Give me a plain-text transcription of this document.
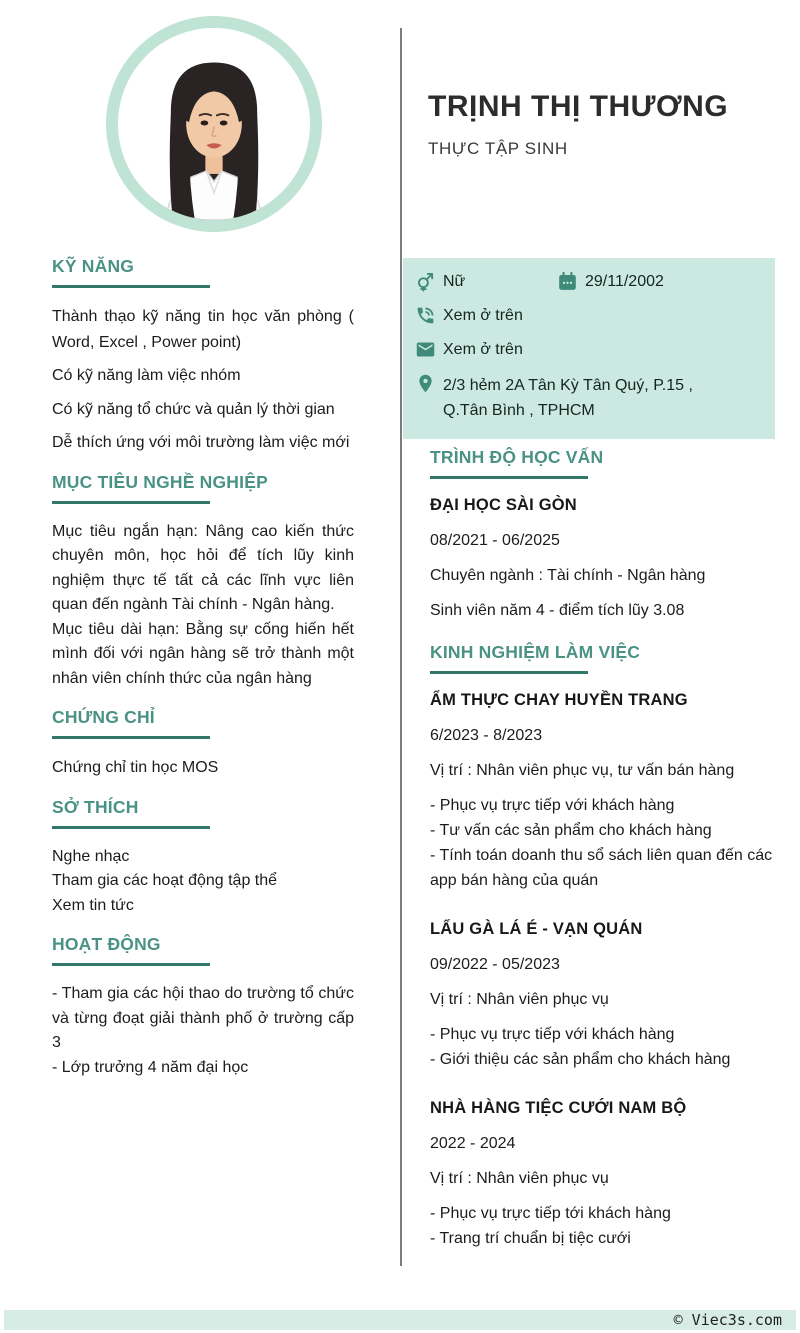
TRỊNH THỊ THƯƠNG
THỰC TẬP SINH
Nữ	29/11/2002
Xem ở trên
Xem ở trên
2/3 hẻm 2A Tân Kỳ Tân Quý, P.15 ,
Q.Tân Bình , TPHCM
KỸ NĂNG

Thành thạo kỹ năng tin học văn phòng ( Word, Excel , Power point)

Có kỹ năng làm việc nhóm

Có kỹ năng tổ chức và quản lý thời gian

Dễ thích ứng với môi trường làm việc mới

MỤC TIÊU NGHỀ NGHIỆP

Mục tiêu ngắn hạn: Nâng cao kiến thức chuyên môn, học hỏi để tích lũy kinh nghiệm thực tế tất cả các lĩnh vực liên quan đến ngành Tài chính - Ngân hàng.

Mục tiêu dài hạn: Bằng sự cống hiến hết mình đối với ngân hàng sẽ trở thành một nhân viên chính thức của ngân hàng

CHỨNG CHỈ

Chứng chỉ tin học MOS

SỞ THÍCH

Nghe nhạc

Tham gia các hoạt động tập thể

Xem tin tức

HOẠT ĐỘNG

- Tham gia các hội thao do trường tổ chức và từng đoạt giải thành phố ở trường cấp 3

- Lớp trưởng 4 năm đại học

TRÌNH ĐỘ HỌC VẤN
ĐẠI HỌC SÀI GÒN
08/2021 - 06/2025
Chuyên ngành : Tài chính - Ngân hàng
Sinh viên năm 4 - điểm tích lũy 3.08
KINH NGHIỆM LÀM VIỆC
ẨM THỰC CHAY HUYỀN TRANG
6/2023 - 8/2023
Vị trí : Nhân viên phục vụ, tư vấn bán hàng
- Phục vụ trực tiếp với khách hàng
- Tư vấn các sản phẩm cho khách hàng
- Tính toán doanh thu sổ sách liên quan đến các app bán hàng của quán
LẨU GÀ LÁ É - VẠN QUÁN
09/2022 - 05/2023
Vị trí : Nhân viên phục vụ
- Phục vụ trực tiếp với khách hàng
- Giới thiệu các sản phẩm cho khách hàng
NHÀ HÀNG TIỆC CƯỚI NAM BỘ
2022 - 2024
Vị trí : Nhân viên phục vụ
- Phục vụ trực tiếp tới khách hàng
- Trang trí chuẩn bị tiệc cưới
© Viec3s.com
